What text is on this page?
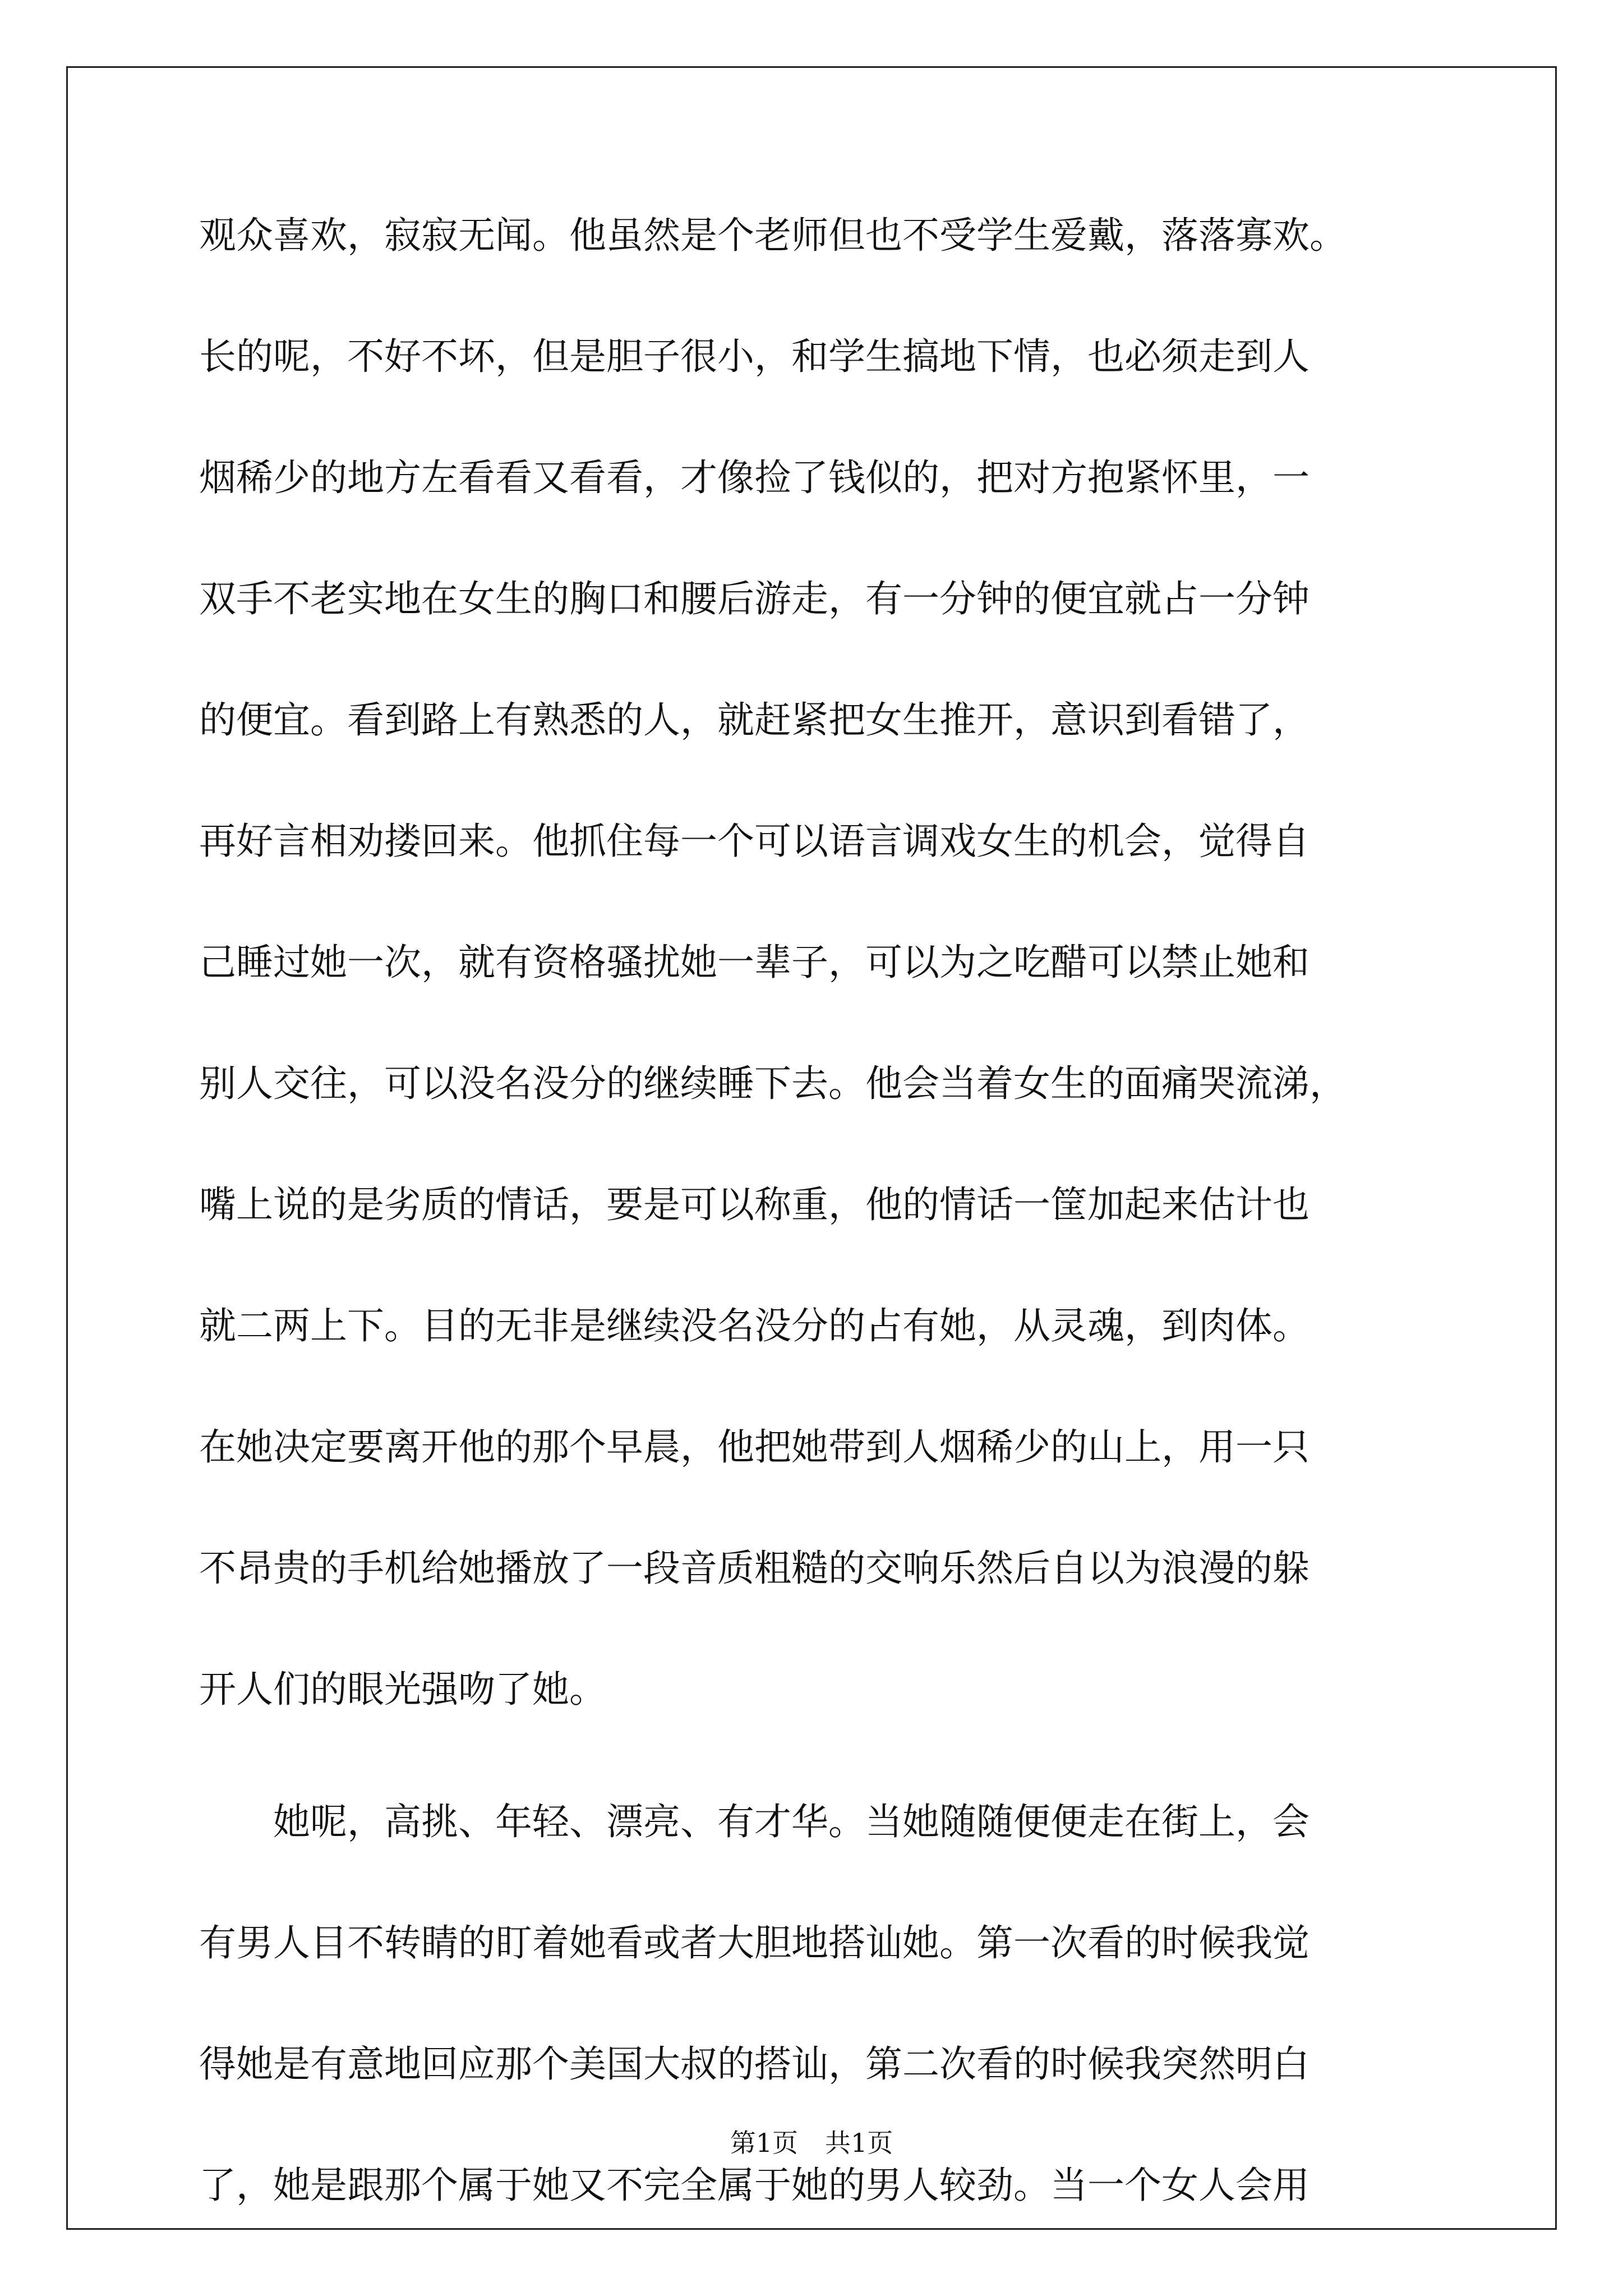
观众喜欢，寂寂无闻。他虽然是个老师但也不受学生爱戴，落落寡欢。
长的呢，不好不坏，但是胆子很小，和学生搞地下情，也必须走到人
烟稀少的地方左看看又看看，才像捡了钱似的，把对方抱紧怀里，一
双手不老实地在女生的胸口和腰后游走，有一分钟的便宜就占一分钟
的便宜。看到路上有熟悉的人，就赶紧把女生推开，意识到看错了，
再好言相劝搂回来。他抓住每一个可以语言调戏女生的机会，觉得自
己睡过她一次，就有资格骚扰她一辈子，可以为之吃醋可以禁止她和
别人交往，可以没名没分的继续睡下去。他会当着女生的面痛哭流涕，
嘴上说的是劣质的情话，要是可以称重，他的情话一筐加起来估计也
就二两上下。目的无非是继续没名没分的占有她，从灵魂，到肉体。
在她决定要离开他的那个早晨，他把她带到人烟稀少的山上，用一只
不昂贵的手机给她播放了一段音质粗糙的交响乐然后自以为浪漫的躲
开人们的眼光强吻了她。
她呢，高挑、年轻、漂亮、有才华。当她随随便便走在街上，会
有男人目不转睛的盯着她看或者大胆地搭讪她。第一次看的时候我觉
得她是有意地回应那个美国大叔的搭讪，第二次看的时候我突然明白
了，她是跟那个属于她又不完全属于她的男人较劲。当一个女人会用
第1页 共1页
